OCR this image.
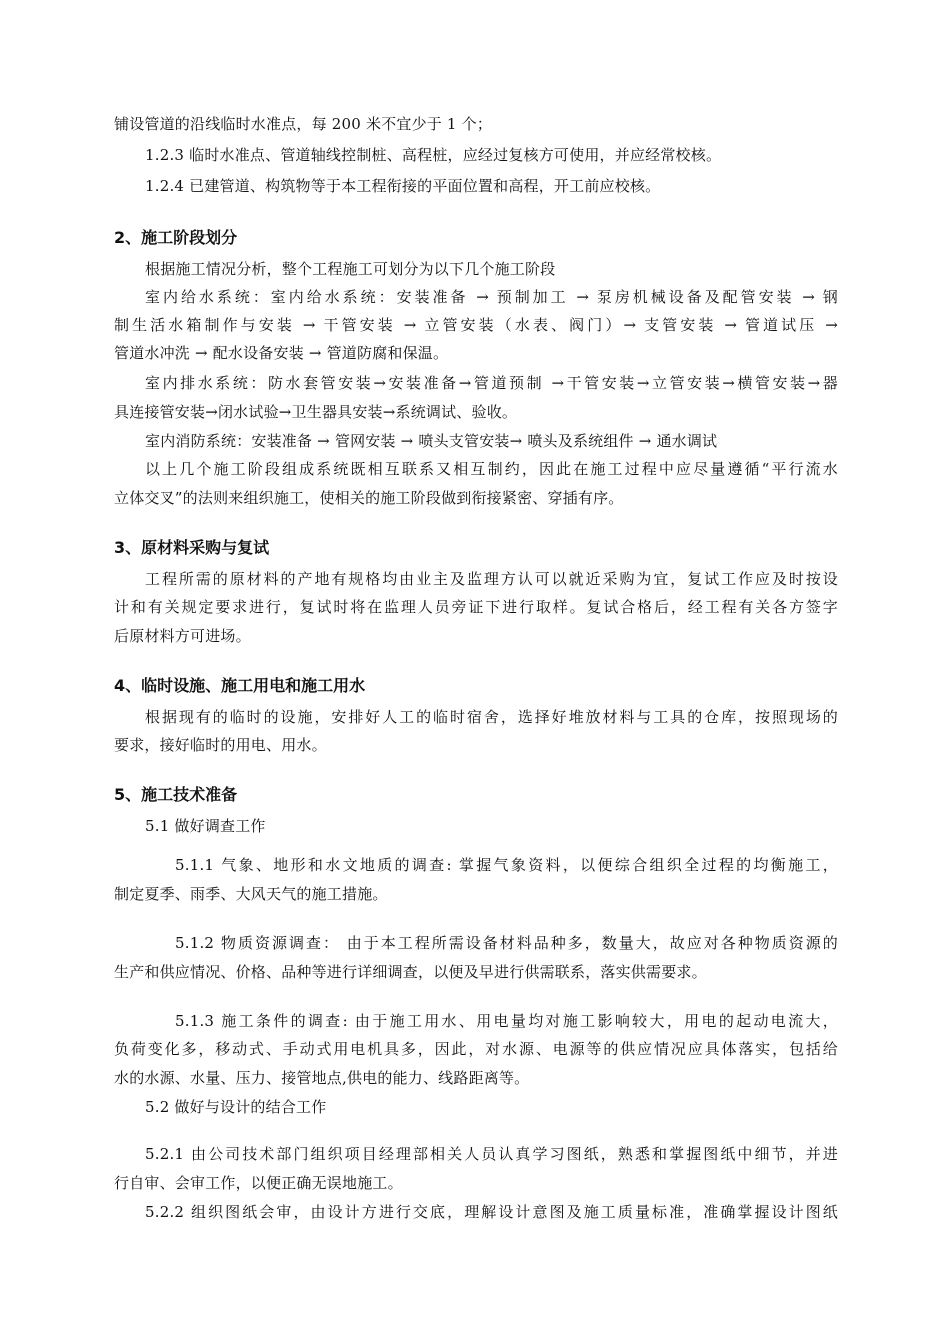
铺设管道的沿线临时水准点，每 200 米不宜少于 1 个；
1.2.3 临时水准点、管道轴线控制桩、高程桩，应经过复核方可使用，并应经常校核。
1.2.4 已建管道、构筑物等于本工程衔接的平面位置和高程，开工前应校核。
2、施工阶段划分
根据施工情况分析，整个工程施工可划分为以下几个施工阶段
室内给水系统：室内给水系统：安装准备 → 预制加工 → 泵房机械设备及配管安装 → 钢
制生活水箱制作与安装 → 干管安装 → 立管安装（水表、阀门）→ 支管安装 → 管道试压 →
管道水冲洗 → 配水设备安装 → 管道防腐和保温。
室内排水系统：防水套管安装→安装准备→管道预制 →干管安装→立管安装→横管安装→器
具连接管安装→闭水试验→卫生器具安装→系统调试、验收。
室内消防系统：安装准备 → 管网安装 → 喷头支管安装→ 喷头及系统组件 → 通水调试
以上几个施工阶段组成系统既相互联系又相互制约，因此在施工过程中应尽量遵循“平行流水
立体交叉”的法则来组织施工，使相关的施工阶段做到衔接紧密、穿插有序。
3、原材料采购与复试
工程所需的原材料的产地有规格均由业主及监理方认可以就近采购为宜，复试工作应及时按设
计和有关规定要求进行，复试时将在监理人员旁证下进行取样。复试合格后，经工程有关各方签字
后原材料方可进场。
4、临时设施、施工用电和施工用水
根据现有的临时的设施，安排好人工的临时宿舍，选择好堆放材料与工具的仓库，按照现场的
要求，接好临时的用电、用水。
5、施工技术准备
5.1 做好调查工作
5.1.1 气象、地形和水文地质的调查: 掌握气象资料，以便综合组织全过程的均衡施工，
制定夏季、雨季、大风天气的施工措施。
5.1.2 物质资源调查： 由于本工程所需设备材料品种多，数量大，故应对各种物质资源的
生产和供应情况、价格、品种等进行详细调查，以便及早进行供需联系，落实供需要求。
5.1.3 施工条件的调查: 由于施工用水、用电量均对施工影响较大，用电的起动电流大，
负荷变化多，移动式、手动式用电机具多，因此，对水源、电源等的供应情况应具体落实，包括给
水的水源、水量、压力、接管地点,供电的能力、线路距离等。
5.2 做好与设计的结合工作
5.2.1 由公司技术部门组织项目经理部相关人员认真学习图纸，熟悉和掌握图纸中细节，并进
行自审、会审工作，以便正确无误地施工。
5.2.2 组织图纸会审，由设计方进行交底，理解设计意图及施工质量标准，准确掌握设计图纸
